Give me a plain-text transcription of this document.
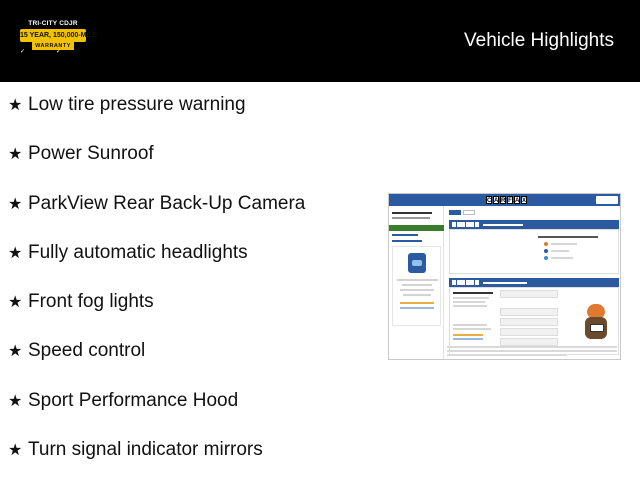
TRI-CITY CDJR
15 YEAR, 150,000-MILE
WARRANTY
✓	✓
Vehicle Highlights
★ Low tire pressure warning
★ Power Sunroof
★ ParkView Rear Back-Up Camera
★ Fully automatic headlights
★ Front fog lights
★ Speed control
★ Sport Performance Hood
★ Turn signal indicator mirrors
C A R F A X
